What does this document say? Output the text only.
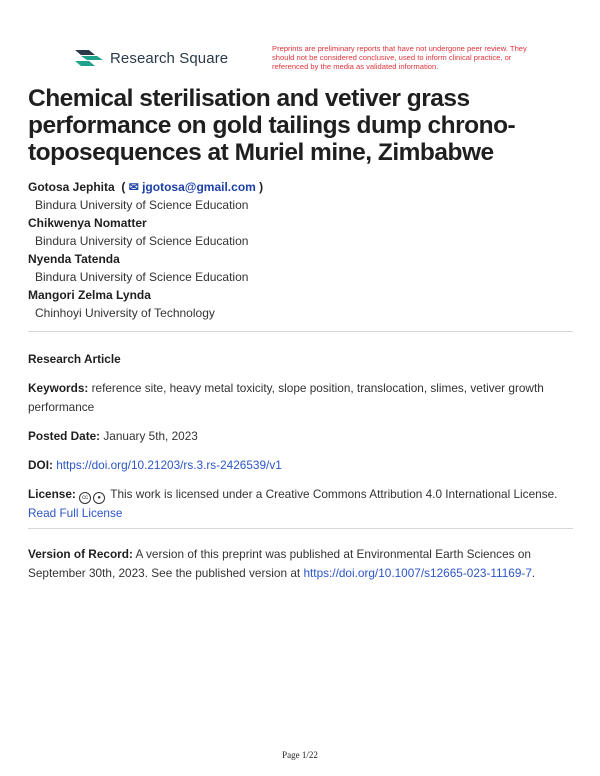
Research Square
Preprints are preliminary reports that have not undergone peer review. They should not be considered conclusive, used to inform clinical practice, or referenced by the media as validated information.
Chemical sterilisation and vetiver grass performance on gold tailings dump chrono-toposequences at Muriel mine, Zimbabwe
Gotosa Jephita  ( ✉ jgotosa@gmail.com )
Bindura University of Science Education
Chikwenya Nomatter
Bindura University of Science Education
Nyenda Tatenda
Bindura University of Science Education
Mangori Zelma Lynda
Chinhoyi University of Technology
Research Article
Keywords: reference site, heavy metal toxicity, slope position, translocation, slimes, vetiver growth performance
Posted Date: January 5th, 2023
DOI: https://doi.org/10.21203/rs.3.rs-2426539/v1
License: cc ● This work is licensed under a Creative Commons Attribution 4.0 International License.
Read Full License
Version of Record: A version of this preprint was published at Environmental Earth Sciences on September 30th, 2023. See the published version at https://doi.org/10.1007/s12665-023-11169-7.
Page 1/22
